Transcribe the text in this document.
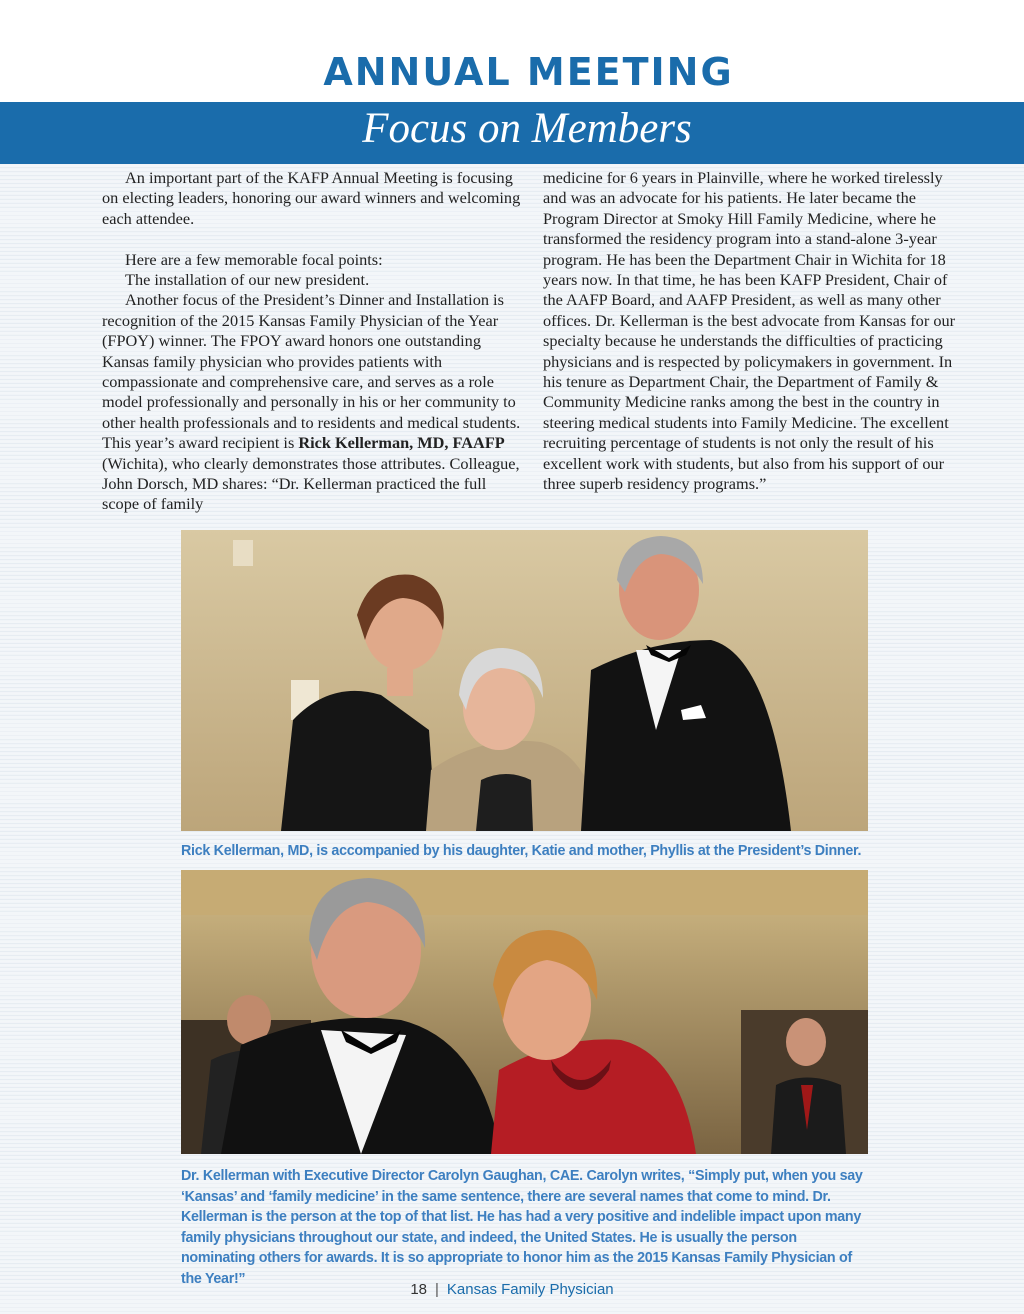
ANNUAL MEETING
Focus on Members

An important part of the KAFP Annual Meeting is focusing on electing leaders, honoring our award winners and welcoming each attendee.

Here are a few memorable focal points:

The installation of our new president.

Another focus of the President’s Dinner and Installation is recognition of the 2015 Kansas Family Physician of the Year (FPOY) winner. The FPOY award honors one outstanding Kansas family physician who provides patients with compassionate and comprehensive care, and serves as a role model professionally and personally in his or her community to other health professionals and to residents and medical students. This year’s award recipient is Rick Kellerman, MD, FAAFP (Wichita), who clearly demonstrates those attributes. Colleague, John Dorsch, MD shares: “Dr. Kellerman practiced the full scope of family

medicine for 6 years in Plainville, where he worked tirelessly and was an advocate for his patients. He later became the Program Director at Smoky Hill Family Medicine, where he transformed the residency program into a stand-alone 3-year program. He has been the Department Chair in Wichita for 18 years now. In that time, he has been KAFP President, Chair of the AAFP Board, and AAFP President, as well as many other offices. Dr. Kellerman is the best advocate from Kansas for our specialty because he understands the difficulties of practicing physicians and is respected by policymakers in government. In his tenure as Department Chair, the Department of Family & Community Medicine ranks among the best in the country in steering medical students into Family Medicine. The excellent recruiting percentage of students is not only the result of his excellent work with students, but also from his support of our three superb residency programs.”

Rick Kellerman, MD, is accompanied by his daughter, Katie and mother, Phyllis at the President’s Dinner.
Dr. Kellerman with Executive Director Carolyn Gaughan, CAE. Carolyn writes, “Simply put, when you say ‘Kansas’ and ‘family medicine’ in the same sentence, there are several names that come to mind. Dr. Kellerman is the person at the top of that list. He has had a very positive and indelible impact upon many family physicians throughout our state, and indeed, the United States. He is usually the person nominating others for awards. It is so appropriate to honor him as the 2015 Kansas Family Physician of the Year!”
18 | Kansas Family Physician
